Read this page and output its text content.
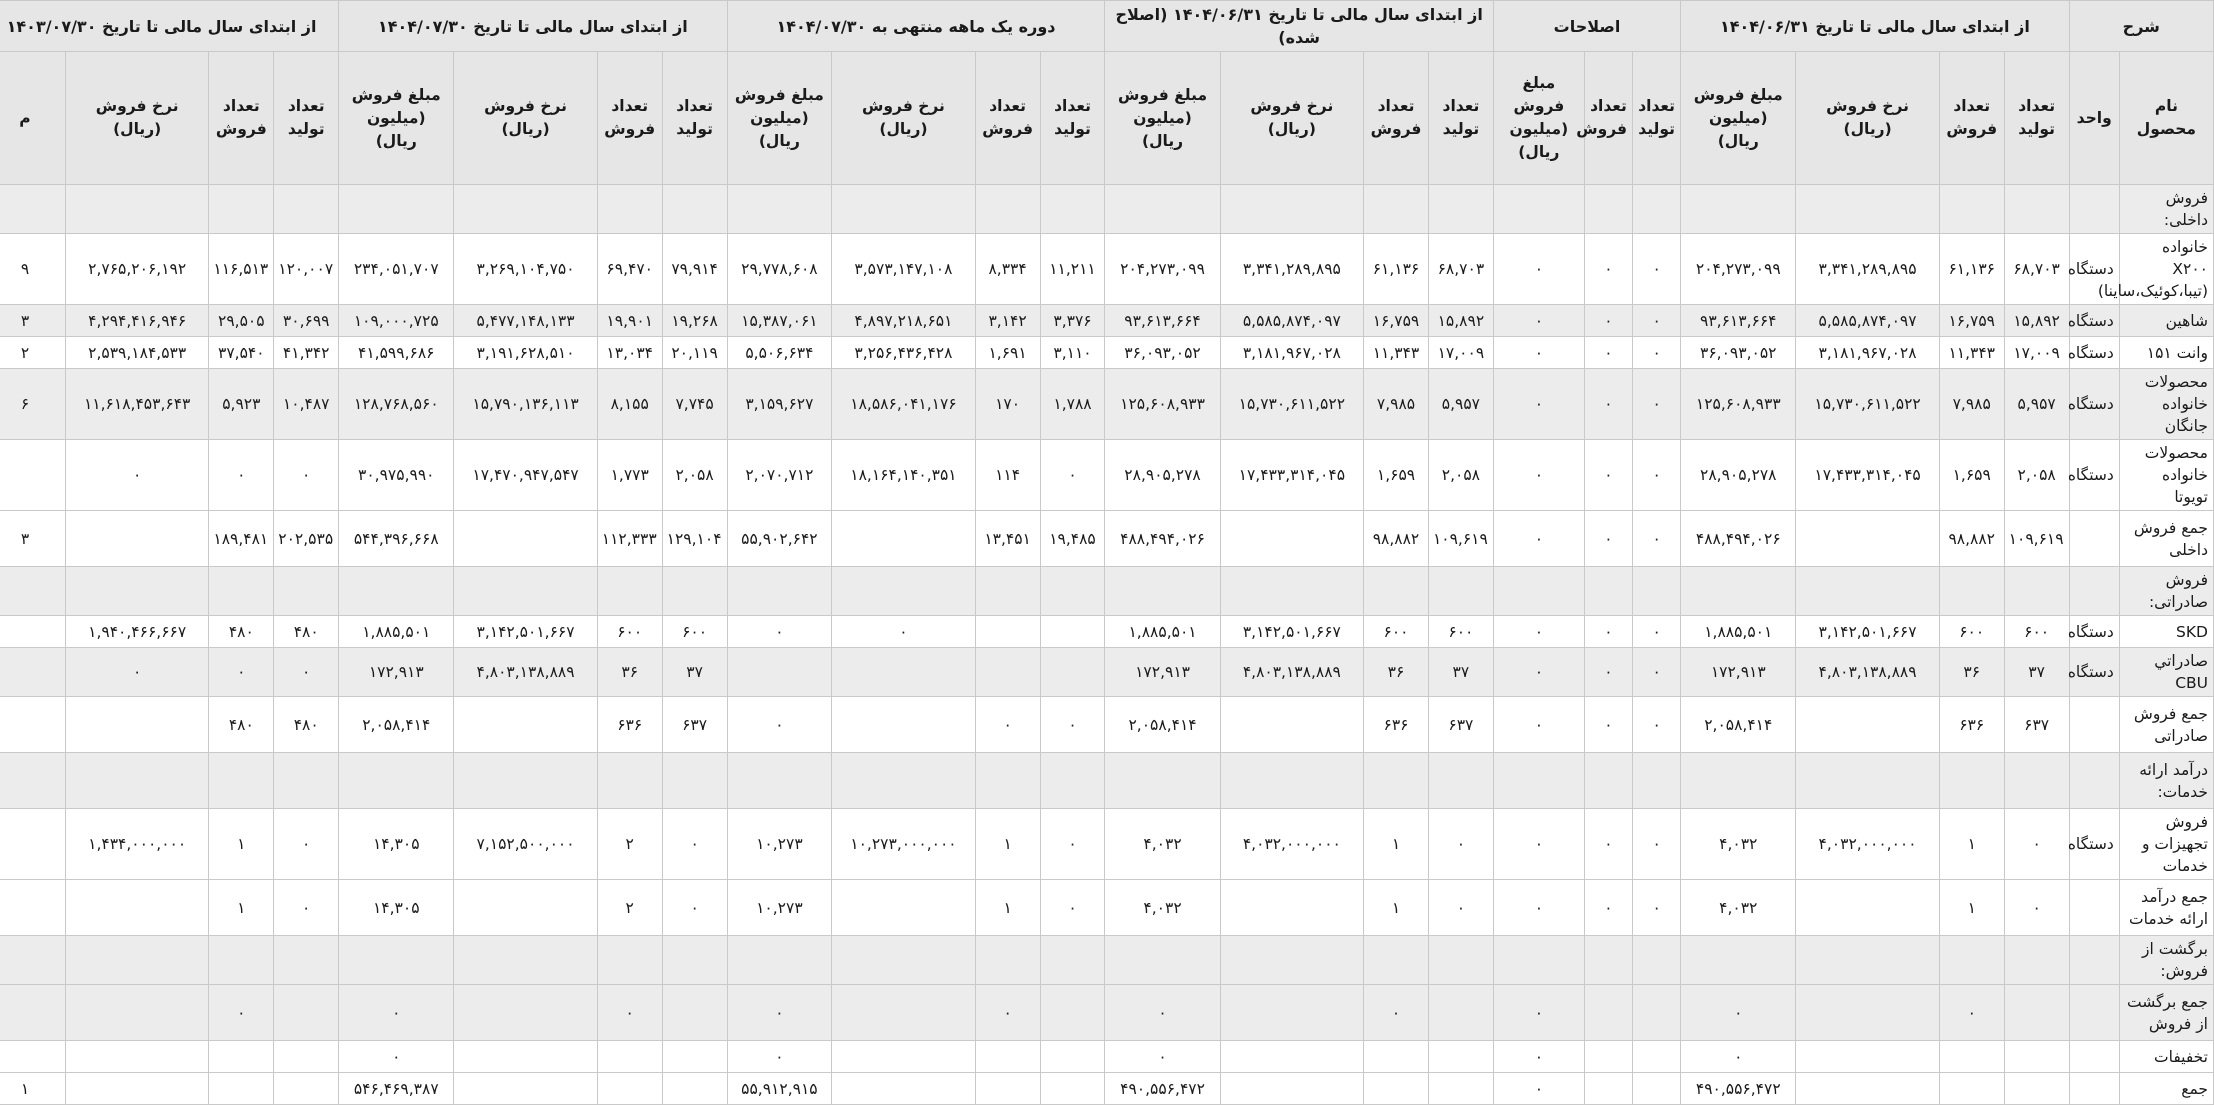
شرح		از ابتدای سال مالی تا تاریخ ۱۴۰۴/۰۶/۳۱				اصلاحات			از ابتدای سال مالی تا تاریخ ۱۴۰۴/۰۶/۳۱ (اصلاح شده)				دوره یک ماهه منتهی به ۱۴۰۴/۰۷/۳۰				از ابتدای سال مالی تا تاریخ ۱۴۰۴/۰۷/۳۰				از ابتدای سال مالی تا تاریخ ۱۴۰۳/۰۷/۳۰			
نام محصول	واحد	تعداد تولید	تعداد فروش	نرخ فروش (ریال)	مبلغ فروش (میلیون ریال)	تعداد تولید	تعداد فروش	مبلغ فروش (میلیون ریال)	تعداد تولید	تعداد فروش	نرخ فروش (ریال)	مبلغ فروش (میلیون ریال)	تعداد تولید	تعداد فروش	نرخ فروش (ریال)	مبلغ فروش (میلیون ریال)	تعداد تولید	تعداد فروش	نرخ فروش (ریال)	مبلغ فروش (میلیون ریال)	تعداد تولید	تعداد فروش	نرخ فروش (ریال)	م
فروش داخلی:																								
خانواده X۲۰۰ (تیبا،کوئیک،ساینا)	دستگاه	۶۸,۷۰۳	۶۱,۱۳۶	۳,۳۴۱,۲۸۹,۸۹۵	۲۰۴,۲۷۳,۰۹۹	۰	۰	۰	۶۸,۷۰۳	۶۱,۱۳۶	۳,۳۴۱,۲۸۹,۸۹۵	۲۰۴,۲۷۳,۰۹۹	۱۱,۲۱۱	۸,۳۳۴	۳,۵۷۳,۱۴۷,۱۰۸	۲۹,۷۷۸,۶۰۸	۷۹,۹۱۴	۶۹,۴۷۰	۳,۲۶۹,۱۰۴,۷۵۰	۲۳۴,۰۵۱,۷۰۷	۱۲۰,۰۰۷	۱۱۶,۵۱۳	۲,۷۶۵,۲۰۶,۱۹۲	۹
شاهین	دستگاه	۱۵,۸۹۲	۱۶,۷۵۹	۵,۵۸۵,۸۷۴,۰۹۷	۹۳,۶۱۳,۶۶۴	۰	۰	۰	۱۵,۸۹۲	۱۶,۷۵۹	۵,۵۸۵,۸۷۴,۰۹۷	۹۳,۶۱۳,۶۶۴	۳,۳۷۶	۳,۱۴۲	۴,۸۹۷,۲۱۸,۶۵۱	۱۵,۳۸۷,۰۶۱	۱۹,۲۶۸	۱۹,۹۰۱	۵,۴۷۷,۱۴۸,۱۳۳	۱۰۹,۰۰۰,۷۲۵	۳۰,۶۹۹	۲۹,۵۰۵	۴,۲۹۴,۴۱۶,۹۴۶	۳
وانت ۱۵۱	دستگاه	۱۷,۰۰۹	۱۱,۳۴۳	۳,۱۸۱,۹۶۷,۰۲۸	۳۶,۰۹۳,۰۵۲	۰	۰	۰	۱۷,۰۰۹	۱۱,۳۴۳	۳,۱۸۱,۹۶۷,۰۲۸	۳۶,۰۹۳,۰۵۲	۳,۱۱۰	۱,۶۹۱	۳,۲۵۶,۴۳۶,۴۲۸	۵,۵۰۶,۶۳۴	۲۰,۱۱۹	۱۳,۰۳۴	۳,۱۹۱,۶۲۸,۵۱۰	۴۱,۵۹۹,۶۸۶	۴۱,۳۴۲	۳۷,۵۴۰	۲,۵۳۹,۱۸۴,۵۳۳	۲
محصولات خانواده جانگان	دستگاه	۵,۹۵۷	۷,۹۸۵	۱۵,۷۳۰,۶۱۱,۵۲۲	۱۲۵,۶۰۸,۹۳۳	۰	۰	۰	۵,۹۵۷	۷,۹۸۵	۱۵,۷۳۰,۶۱۱,۵۲۲	۱۲۵,۶۰۸,۹۳۳	۱,۷۸۸	۱۷۰	۱۸,۵۸۶,۰۴۱,۱۷۶	۳,۱۵۹,۶۲۷	۷,۷۴۵	۸,۱۵۵	۱۵,۷۹۰,۱۳۶,۱۱۳	۱۲۸,۷۶۸,۵۶۰	۱۰,۴۸۷	۵,۹۲۳	۱۱,۶۱۸,۴۵۳,۶۴۳	۶
محصولات خانواده تویوتا	دستگاه	۲,۰۵۸	۱,۶۵۹	۱۷,۴۳۳,۳۱۴,۰۴۵	۲۸,۹۰۵,۲۷۸	۰	۰	۰	۲,۰۵۸	۱,۶۵۹	۱۷,۴۳۳,۳۱۴,۰۴۵	۲۸,۹۰۵,۲۷۸	۰	۱۱۴	۱۸,۱۶۴,۱۴۰,۳۵۱	۲,۰۷۰,۷۱۲	۲,۰۵۸	۱,۷۷۳	۱۷,۴۷۰,۹۴۷,۵۴۷	۳۰,۹۷۵,۹۹۰	۰	۰	۰	
جمع فروش داخلی		۱۰۹,۶۱۹	۹۸,۸۸۲		۴۸۸,۴۹۴,۰۲۶	۰	۰	۰	۱۰۹,۶۱۹	۹۸,۸۸۲		۴۸۸,۴۹۴,۰۲۶	۱۹,۴۸۵	۱۳,۴۵۱		۵۵,۹۰۲,۶۴۲	۱۲۹,۱۰۴	۱۱۲,۳۳۳		۵۴۴,۳۹۶,۶۶۸	۲۰۲,۵۳۵	۱۸۹,۴۸۱		۳
فروش صادراتی:																								
SKD	دستگاه	۶۰۰	۶۰۰	۳,۱۴۲,۵۰۱,۶۶۷	۱,۸۸۵,۵۰۱	۰	۰	۰	۶۰۰	۶۰۰	۳,۱۴۲,۵۰۱,۶۶۷	۱,۸۸۵,۵۰۱			۰	۰	۶۰۰	۶۰۰	۳,۱۴۲,۵۰۱,۶۶۷	۱,۸۸۵,۵۰۱	۴۸۰	۴۸۰	۱,۹۴۰,۴۶۶,۶۶۷	
صادراتي CBU	دستگاه	۳۷	۳۶	۴,۸۰۳,۱۳۸,۸۸۹	۱۷۲,۹۱۳	۰	۰	۰	۳۷	۳۶	۴,۸۰۳,۱۳۸,۸۸۹	۱۷۲,۹۱۳					۳۷	۳۶	۴,۸۰۳,۱۳۸,۸۸۹	۱۷۲,۹۱۳	۰	۰	۰	
جمع فروش صادراتی		۶۳۷	۶۳۶		۲,۰۵۸,۴۱۴	۰	۰	۰	۶۳۷	۶۳۶		۲,۰۵۸,۴۱۴	۰	۰		۰	۶۳۷	۶۳۶		۲,۰۵۸,۴۱۴	۴۸۰	۴۸۰		
درآمد ارائه خدمات:																								
فروش تجهیزات و خدمات	دستگاه	۰	۱	۴,۰۳۲,۰۰۰,۰۰۰	۴,۰۳۲	۰	۰	۰	۰	۱	۴,۰۳۲,۰۰۰,۰۰۰	۴,۰۳۲	۰	۱	۱۰,۲۷۳,۰۰۰,۰۰۰	۱۰,۲۷۳	۰	۲	۷,۱۵۲,۵۰۰,۰۰۰	۱۴,۳۰۵	۰	۱	۱,۴۳۴,۰۰۰,۰۰۰	
جمع درآمد ارائه خدمات		۰	۱		۴,۰۳۲	۰	۰	۰	۰	۱		۴,۰۳۲	۰	۱		۱۰,۲۷۳	۰	۲		۱۴,۳۰۵	۰	۱		
برگشت از فروش:																								
جمع برگشت از فروش			۰		۰			۰		۰		۰		۰		۰		۰		۰		۰		
تخفیفات					۰			۰				۰				۰				۰				
جمع					۴۹۰,۵۵۶,۴۷۲			۰				۴۹۰,۵۵۶,۴۷۲				۵۵,۹۱۲,۹۱۵				۵۴۶,۴۶۹,۳۸۷				۱
